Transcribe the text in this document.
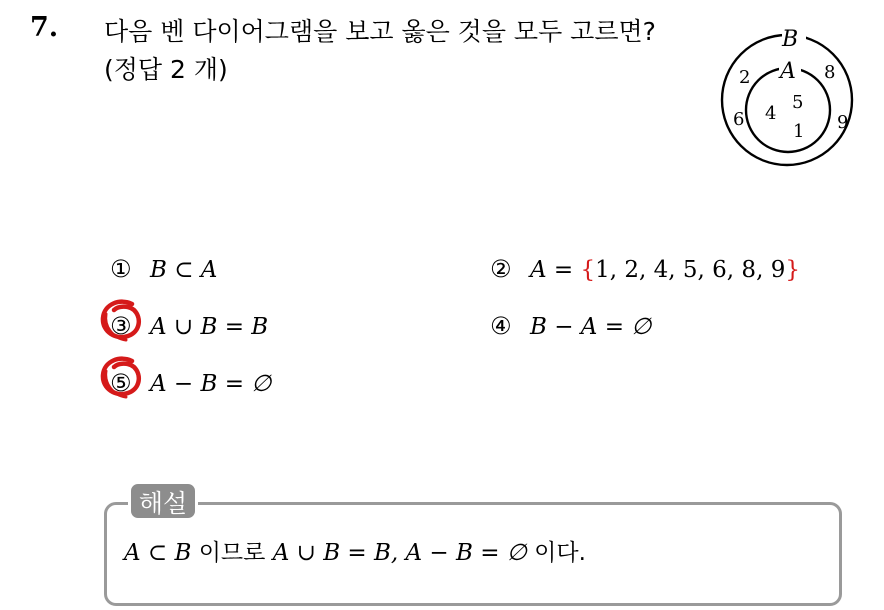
7. 다음 벤 다이어그램을 보고 옳은 것을 모두 고르면?
(정답 2 개)
B
A
2	8
6	9
4
5
1
① B ⊂ A	② A = {1, 2, 4, 5, 6, 8, 9}
③ A ∪ B = B	④ B − A = ∅
⑤ A − B = ∅
해설
A ⊂ B 이므로 A ∪ B = B, A − B = ∅ 이다.
